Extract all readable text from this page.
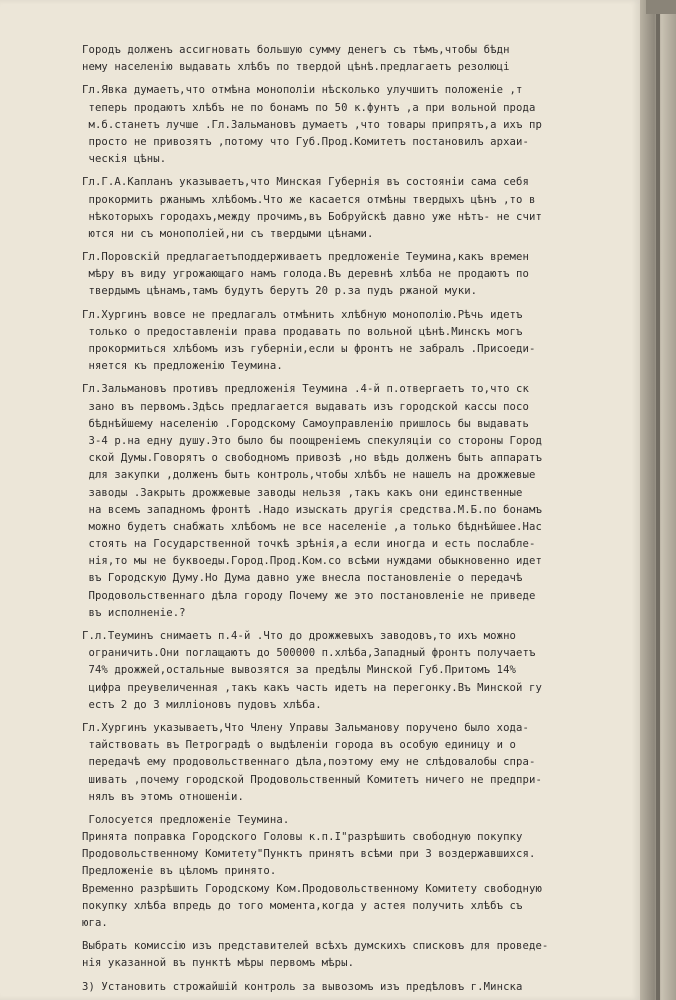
Городъ долженъ ассигновать большую сумму денегъ съ тѣмъ,чтобы бѣдн
нему населенію выдавать хлѣбъ по твердой цѣнѣ.предлагаетъ резолюці
Гл.Явка думаетъ,что отмѣна монополіи нѣсколько улучшитъ положеніе ,т
теперь продаютъ хлѣбъ не по бонамъ по 50 к.фунтъ ,а при вольной прода
м.б.станетъ лучше .Гл.Зальмановъ думаетъ ,что товары припрятъ,а ихъ пр
просто не привозятъ ,потому что Губ.Прод.Комитетъ постановилъ архаи-
ческія цѣны.
Гл.Г.А.Капланъ указываетъ,что Минская Губернія въ состояніи сама себя
прокормить ржанымъ хлѣбомъ.Что же касается отмѣны твердыхъ цѣнъ ,то в
нѣкоторыхъ городахъ,между прочимъ,въ Бобруйскѣ давно уже нѣтъ- не счит
ются ни съ монополіей,ни съ твердыми цѣнами.
Гл.Поровскій предлагаетъподдерживаетъ предложеніе Теумина,какъ времен
мѣру въ виду угрожающаго намъ голода.Въ деревнѣ хлѣба не продаютъ по
твердымъ цѣнамъ,тамъ будутъ берутъ 20 р.за пудъ ржаной муки.
Гл.Хургинъ вовсе не предлагалъ отмѣнить хлѣбную монополію.Рѣчь идетъ
только о предоставленіи права продавать по вольной цѣнѣ.Минскъ могъ
прокормиться хлѣбомъ изъ губерніи,если ы фронтъ не забралъ .Присоеди-
няется къ предложенію Теумина.
Гл.Зальмановъ противъ предложенія Теумина .4-й п.отвергаетъ то,что ск
зано въ первомъ.Здѣсь предлагается выдавать изъ городской кассы посо
бѣднѣйшему населенію .Городскому Самоуправленію пришлось бы выдавать
3-4 р.на едну душу.Это было бы поощреніемъ спекуляціи со стороны Город
ской Думы.Говорятъ о свободномъ привозѣ ,но вѣдь долженъ быть аппаратъ
для закупки ,долженъ быть контроль,чтобы хлѣбъ не нашелъ на дрожжевые
заводы .Закрыть дрожжевые заводы нельзя ,такъ какъ они единственные
на всемъ западномъ фронтѣ .Надо изыскать другія средства.М.Б.по бонамъ
можно будетъ снабжать хлѣбомъ не все населеніе ,а только бѣднѣйшее.Нас
стоять на Государственной точкѣ зрѣнія,а если иногда и есть послабле-
нія,то мы не буквоеды.Город.Прод.Ком.со всѣми нуждами обыкновенно идет
въ Городскую Думу.Но Дума давно уже внесла постановленіе о передачѣ
Продовольственнаго дѣла городу Почему же это постановленіе не приведе
въ исполненіе.?
Г.л.Теуминъ снимаетъ п.4-й .Что до дрожжевыхъ заводовъ,то ихъ можно
ограничить.Они поглащаютъ до 500000 п.хлѣба,Западный фронтъ получаетъ
74% дрожжей,остальные вывозятся за предѣлы Минской Губ.Притомъ 14%
цифра преувеличенная ,такъ какъ часть идетъ на перегонку.Въ Минской гу
естъ 2 до 3 милліоновъ пудовъ хлѣба.
Гл.Хургинъ указываетъ,Что Члену Управы Зальманову поручено было хода-
тайствовать въ Петроградѣ о выдѣленіи города въ особую единицу и о
передачѣ ему продовольственнаго дѣла,поэтому ему не слѣдовалобы спра-
шивать ,почему городской Продовольственный Комитетъ ничего не предпри-
нялъ въ этомъ отношеніи.
Голосуется предложеніе Теумина.
Принята поправка Городского Головы к.п.I"разрѣшить свободную покупку
Продовольственному Комитету"Пунктъ принятъ всѣми при 3 воздержавшихся.
Предложеніе въ цѣломъ принято.
Временно разрѣшить Городскому Ком.Продовольственному Комитету свободную
покупку хлѣба впредь до того момента,когда у астея получить хлѣбъ съ
юга.
Выбрать комиссію изъ представителей всѣхъ думскихъ списковъ для проведе-
нія указанной въ пунктѣ мѣры первомъ мѣры.
3) Установить строжайшій контроль за вывозомъ изъ предѣловъ г.Минска
